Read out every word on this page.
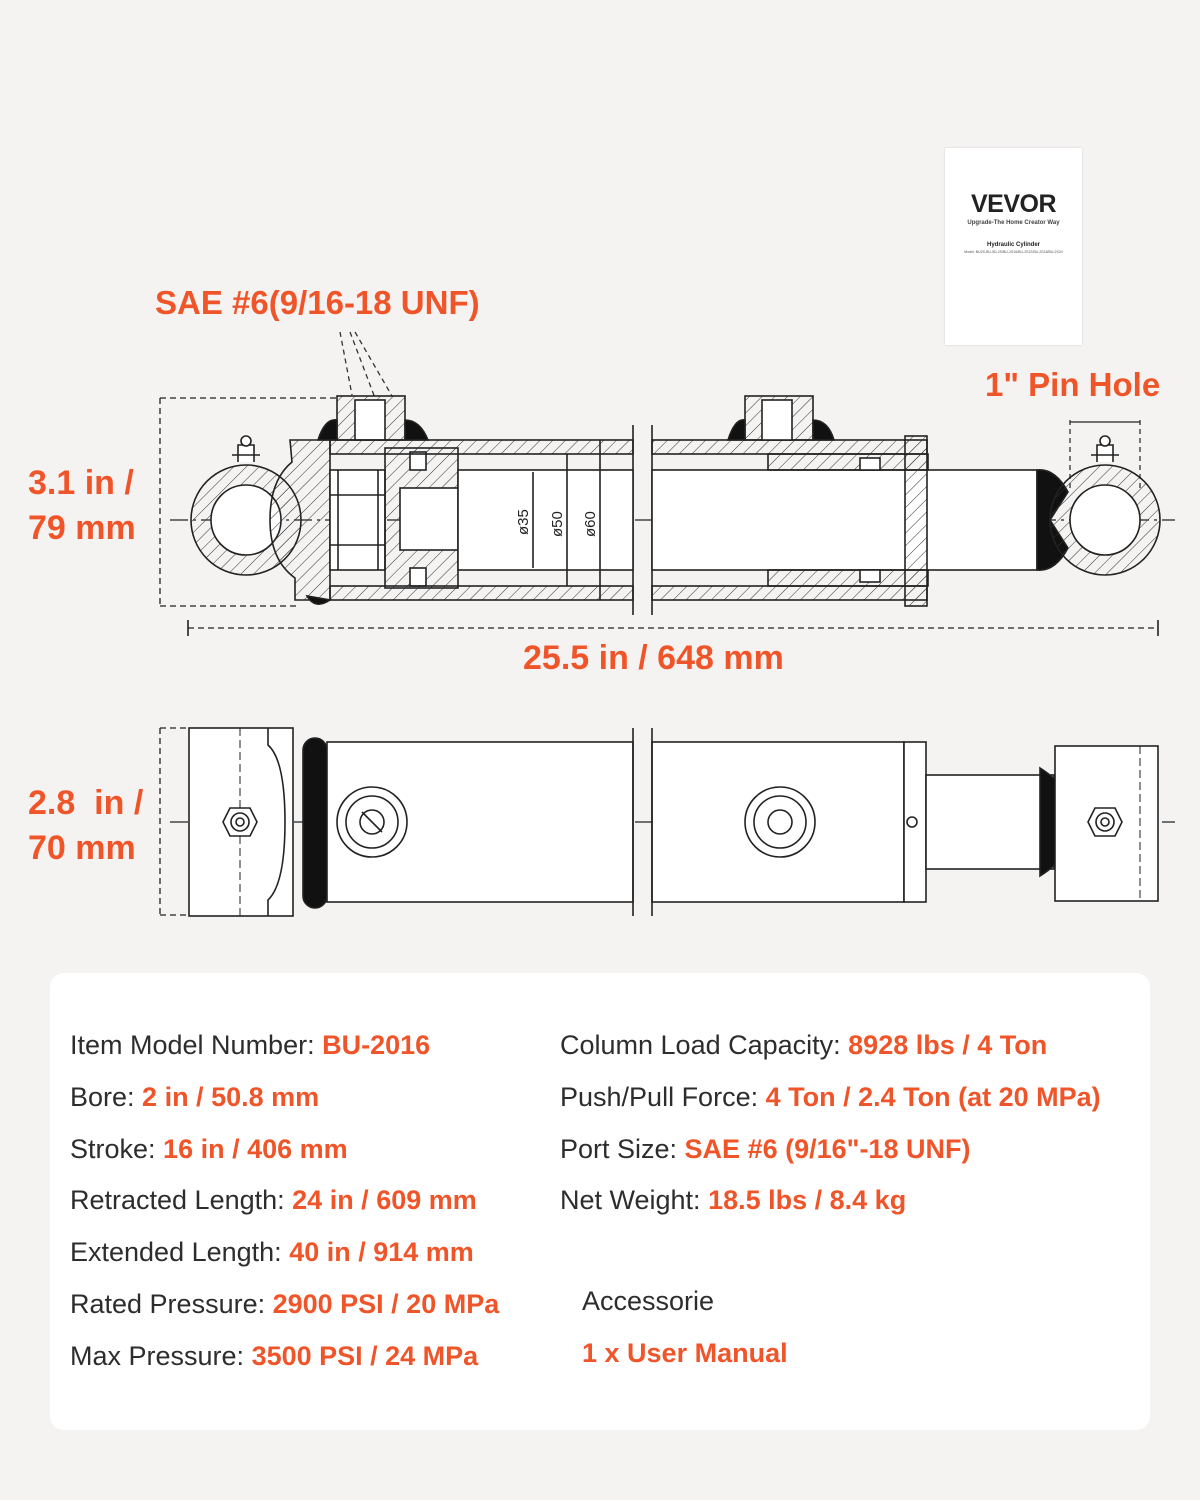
ø35 ø50 ø60
SAE #6(9/16-18 UNF)
1" Pin Hole
3.1 in /
79 mm
25.5 in / 648 mm
2.8  in /
70 mm
VEVOR
Upgrade-The Home Creator Way
Hydraulic Cylinder
Model: BU2S-BU-9D-2S/BU-2S16/BU-2S12/BU-2S18/BU-2S24
Item Model Number: BU-2016
Bore: 2 in / 50.8 mm
Stroke: 16 in / 406 mm
Retracted Length: 24 in / 609 mm
Extended Length: 40 in / 914 mm
Rated Pressure: 2900 PSI / 20 MPa
Max Pressure: 3500 PSI / 24 MPa
Column Load Capacity: 8928 lbs / 4 Ton
Push/Pull Force: 4 Ton / 2.4 Ton (at 20 MPa)
Port Size: SAE #6 (9/16"-18 UNF)
Net Weight: 18.5 lbs / 8.4 kg
Accessorie
1 x User Manual
